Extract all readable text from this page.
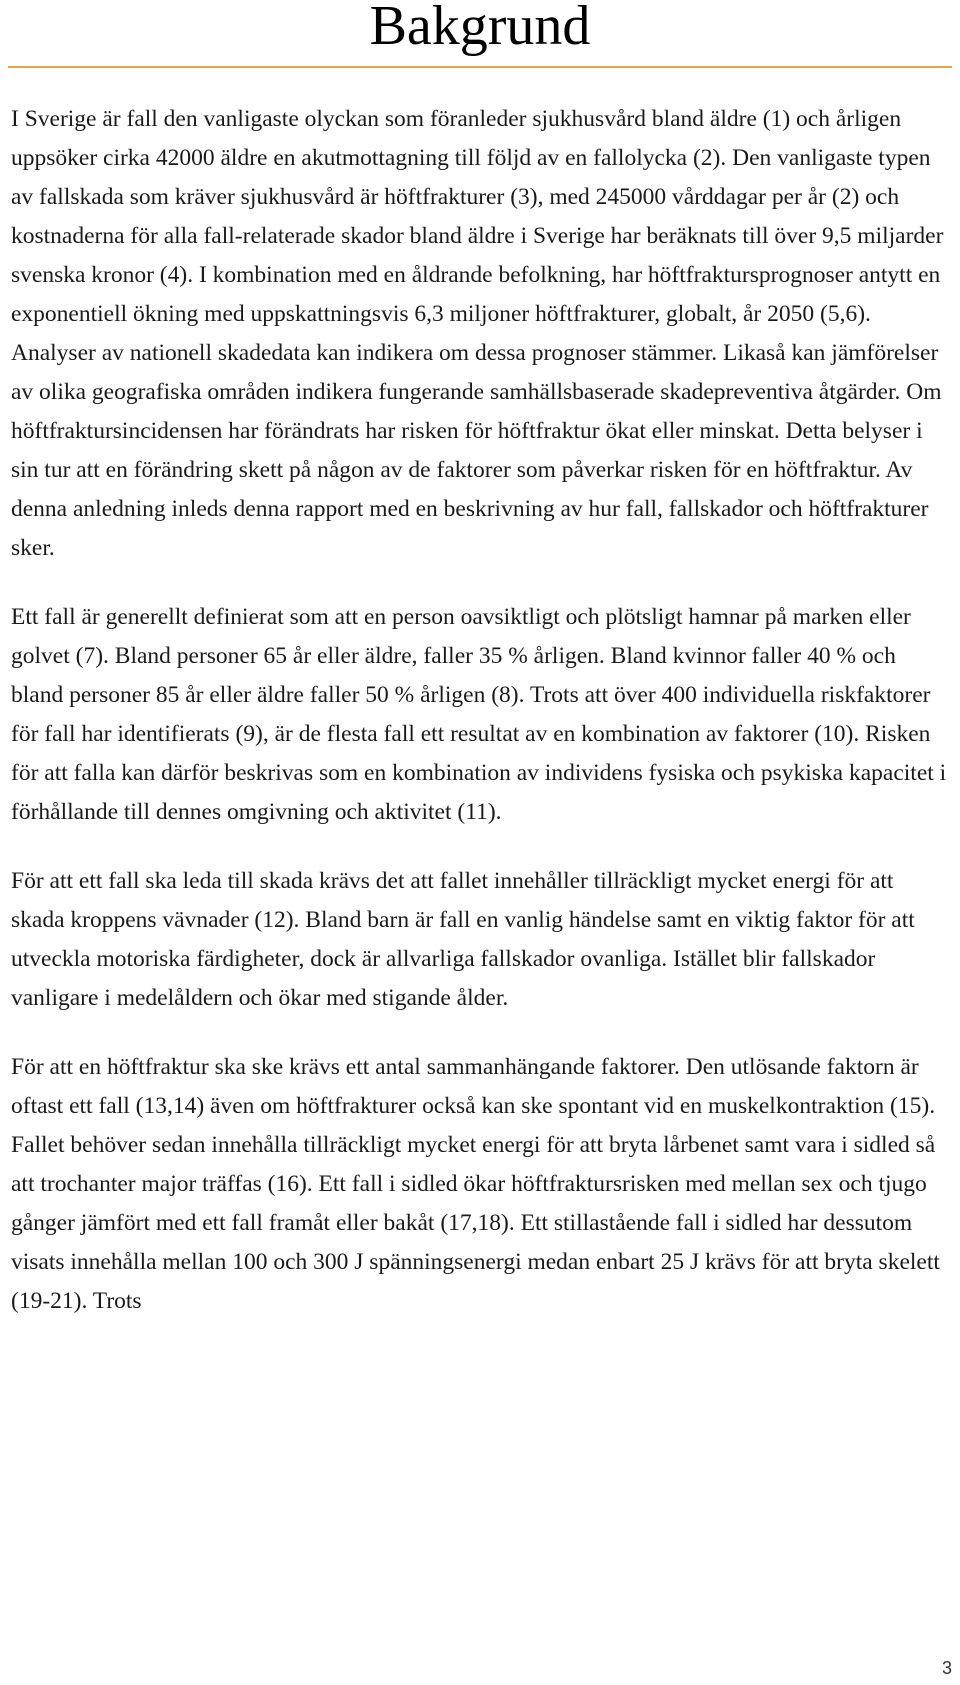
Bakgrund

I Sverige är fall den vanligaste olyckan som föranleder sjukhusvård bland äldre (1) och årligen uppsöker cirka 42000 äldre en akutmottagning till följd av en fallolycka (2). Den vanligaste typen av fallskada som kräver sjukhusvård är höftfrakturer (3), med 245000 vårddagar per år (2) och kostnaderna för alla fall-relaterade skador bland äldre i Sverige har beräknats till över 9,5 miljarder svenska kronor (4). I kombination med en åldrande befolkning, har höftfraktursprognoser antytt en exponentiell ökning med uppskattningsvis 6,3 miljoner höftfrakturer, globalt, år 2050 (5,6). Analyser av nationell skadedata kan indikera om dessa prognoser stämmer. Likaså kan jämförelser av olika geografiska områden indikera fungerande samhällsbaserade skadepreventiva åtgärder. Om höftfraktursincidensen har förändrats har risken för höftfraktur ökat eller minskat. Detta belyser i sin tur att en förändring skett på någon av de faktorer som påverkar risken för en höftfraktur. Av denna anledning inleds denna rapport med en beskrivning av hur fall, fallskador och höftfrakturer sker.

Ett fall är generellt definierat som att en person oavsiktligt och plötsligt hamnar på marken eller golvet (7). Bland personer 65 år eller äldre, faller 35 % årligen. Bland kvinnor faller 40 % och bland personer 85 år eller äldre faller 50 % årligen (8). Trots att över 400 individuella riskfaktorer för fall har identifierats (9), är de flesta fall ett resultat av en kombination av faktorer (10). Risken för att falla kan därför beskrivas som en kombination av individens fysiska och psykiska kapacitet i förhållande till dennes omgivning och aktivitet (11).

För att ett fall ska leda till skada krävs det att fallet innehåller tillräckligt mycket energi för att skada kroppens vävnader (12). Bland barn är fall en vanlig händelse samt en viktig faktor för att utveckla motoriska färdigheter, dock är allvarliga fallskador ovanliga. Istället blir fallskador vanligare i medelåldern och ökar med stigande ålder.

För att en höftfraktur ska ske krävs ett antal sammanhängande faktorer. Den utlösande faktorn är oftast ett fall (13,14) även om höftfrakturer också kan ske spontant vid en muskelkontraktion (15). Fallet behöver sedan innehålla tillräckligt mycket energi för att bryta lårbenet samt vara i sidled så att trochanter major träffas (16). Ett fall i sidled ökar höftfraktursrisken med mellan sex och tjugo gånger jämfört med ett fall framåt eller bakåt (17,18). Ett stillastående fall i sidled har dessutom visats innehålla mellan 100 och 300 J spänningsenergi medan enbart 25 J krävs för att bryta skelett (19-21). Trots

3
